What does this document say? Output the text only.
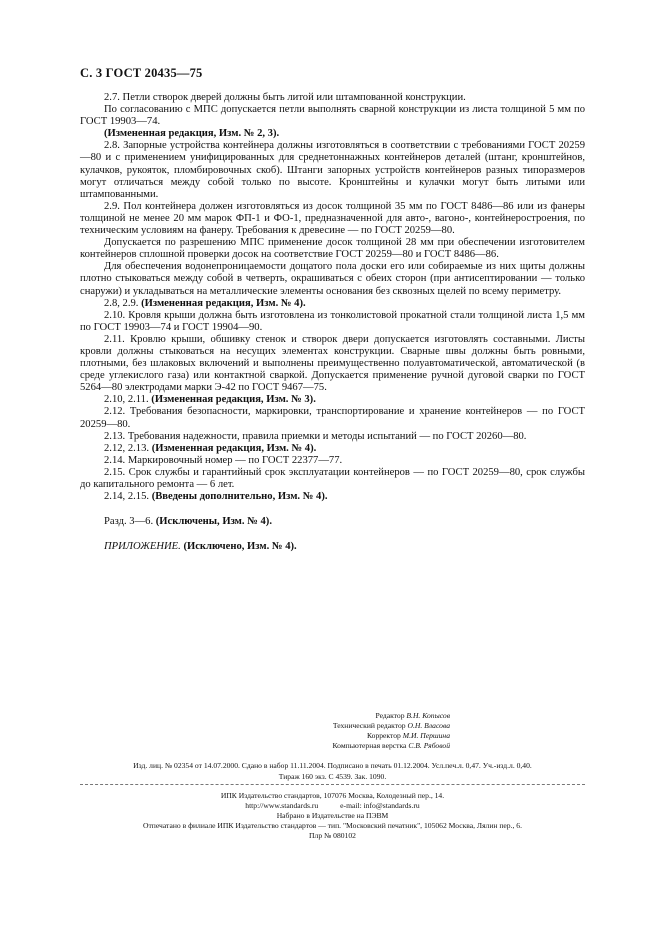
С. 3 ГОСТ 20435—75

2.7. Петли створок дверей должны быть литой или штампованной конструкции.

По согласованию с МПС допускается петли выполнять сварной конструкции из листа толщиной 5 мм по ГОСТ 19903—74.

(Измененная редакция, Изм. № 2, 3).

2.8. Запорные устройства контейнера должны изготовляться в соответствии с требованиями ГОСТ 20259—80 и с применением унифицированных для среднетоннажных контейнеров деталей (штанг, кронштейнов, кулачков, рукояток, пломбировочных скоб). Штанги запорных устройств контейнеров разных типоразмеров могут отличаться между собой только по высоте. Кронштейны и кулачки могут быть литыми или штампованными.

2.9. Пол контейнера должен изготовляться из досок толщиной 35 мм по ГОСТ 8486—86 или из фанеры толщиной не менее 20 мм марок ФП-1 и ФО-1, предназначенной для авто-, вагоно-, контейнеростроения, по техническим условиям на фанеру. Требования к древесине — по ГОСТ 20259—80.

Допускается по разрешению МПС применение досок толщиной 28 мм при обеспечении изготовителем контейнеров сплошной проверки досок на соответствие ГОСТ 20259—80 и ГОСТ 8486—86.

Для обеспечения водонепроницаемости дощатого пола доски его или собираемые из них щиты должны плотно стыковаться между собой в четверть, окрашиваться с обеих сторон (при антисептировании — только снаружи) и укладываться на металлические элементы основания без сквозных щелей по всему периметру.

2.8, 2.9. (Измененная редакция, Изм. № 4).

2.10. Кровля крыши должна быть изготовлена из тонколистовой прокатной стали толщиной листа 1,5 мм по ГОСТ 19903—74 и ГОСТ 19904—90.

2.11. Кровлю крыши, обшивку стенок и створок двери допускается изготовлять составными. Листы кровли должны стыковаться на несущих элементах конструкции. Сварные швы должны быть ровными, плотными, без шлаковых включений и выполнены преимущественно полуавтоматической, автоматической (в среде углекислого газа) или контактной сваркой. Допускается применение ручной дуговой сварки по ГОСТ 5264—80 электродами марки Э-42 по ГОСТ 9467—75.

2.10, 2.11. (Измененная редакция, Изм. № 3).

2.12. Требования безопасности, маркировки, транспортирование и хранение контейнеров — по ГОСТ 20259—80.

2.13. Требования надежности, правила приемки и методы испытаний — по ГОСТ 20260—80.

2.12, 2.13. (Измененная редакция, Изм. № 4).

2.14. Маркировочный номер — по ГОСТ 22377—77.

2.15. Срок службы и гарантийный срок эксплуатации контейнеров — по ГОСТ 20259—80, срок службы до капитального ремонта — 6 лет.

2.14, 2.15. (Введены дополнительно, Изм. № 4).

Разд. 3—6. (Исключены, Изм. № 4).

ПРИЛОЖЕНИЕ. (Исключено, Изм. № 4).

Редактор В.Н. Копысов
Технический редактор О.Н. Власова
Корректор М.И. Першина
Компьютерная верстка С.В. Рябовой
Изд. лиц. № 02354 от 14.07.2000. Сдано в набор 11.11.2004. Подписано в печать 01.12.2004. Усл.печ.л. 0,47. Уч.-изд.л. 0,40.
Тираж 160 экз. С 4539. Зак. 1090.
ИПК Издательство стандартов, 107076 Москва, Колодезный пер., 14.
http://www.standards.ru	e-mail: info@standards.ru
Набрано в Издательстве на ПЭВМ
Отпечатано в филиале ИПК Издательство стандартов — тип. "Московский печатник", 105062 Москва, Лялин пер., 6.
Плр № 080102
